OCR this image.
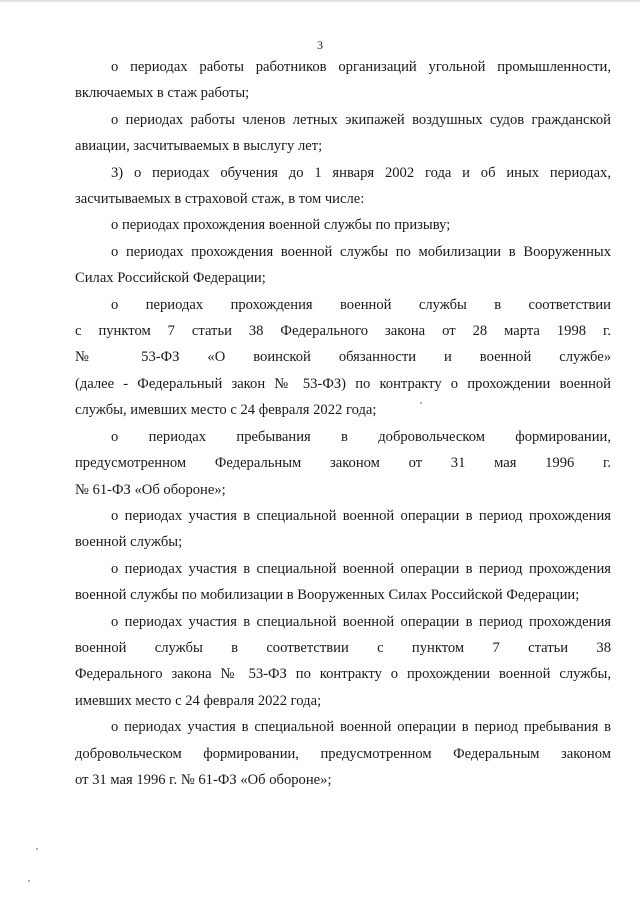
3

о периодах работы работников организаций угольной промышленности, включаемых в стаж работы;

о периодах работы членов летных экипажей воздушных судов гражданской авиации, засчитываемых в выслугу лет;

3) о периодах обучения до 1 января 2002 года и об иных периодах, засчитываемых в страховой стаж, в том числе:

о периодах прохождения военной службы по призыву;

о периодах прохождения военной службы по мобилизации в Вооруженных Силах Российской Федерации;

о периодах прохождения военной службы в соответствии
с пунктом 7 статьи 38 Федерального закона от 28 марта 1998 г.
№ 53-ФЗ «О воинской обязанности и военной службе»
(далее - Федеральный закон № 53-ФЗ) по контракту о прохождении военной
службы, имевших место с 24 февраля 2022 года;
о периодах пребывания в добровольческом формировании,
предусмотренном Федеральным законом от 31 мая 1996 г.
№ 61-ФЗ «Об обороне»;

о периодах участия в специальной военной операции в период прохождения военной службы;

о периодах участия в специальной военной операции в период прохождения военной службы по мобилизации в Вооруженных Силах Российской Федерации;

о периодах участия в специальной военной операции в период прохождения
военной службы в соответствии с пунктом 7 статьи 38
Федерального закона № 53-ФЗ по контракту о прохождении военной службы,
имевших место с 24 февраля 2022 года;
о периодах участия в специальной военной операции в период пребывания в
добровольческом формировании, предусмотренном Федеральным законом
от 31 мая 1996 г. № 61-ФЗ «Об обороне»;
